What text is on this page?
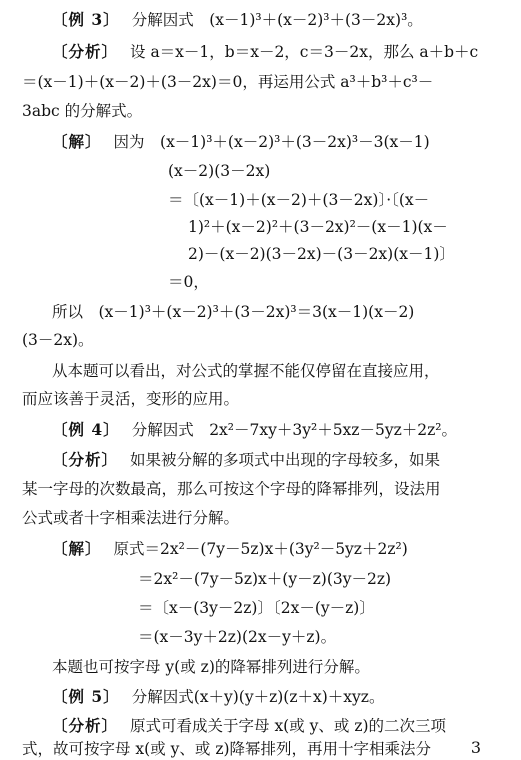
〔例 3〕 分解因式　(x－1)³＋(x－2)³＋(3－2x)³。
〔分析〕 设 a＝x－1，b＝x－2，c＝3－2x，那么 a＋b＋c
＝(x－1)＋(x－2)＋(3－2x)＝0，再运用公式 a³＋b³＋c³－
3abc 的分解式。
〔解〕 因为　(x－1)³＋(x－2)³＋(3－2x)³－3(x－1)
(x－2)(3－2x)
＝〔(x－1)＋(x－2)＋(3－2x)〕·〔(x－
1)²＋(x－2)²＋(3－2x)²－(x－1)(x－
2)－(x－2)(3－2x)－(3－2x)(x－1)〕
＝0，
所以　(x－1)³＋(x－2)³＋(3－2x)³＝3(x－1)(x－2)
(3－2x)。
从本题可以看出，对公式的掌握不能仅停留在直接应用，
而应该善于灵活，变形的应用。
〔例 4〕 分解因式　2x²－7xy＋3y²＋5xz－5yz＋2z²。
〔分析〕 如果被分解的多项式中出现的字母较多，如果
某一字母的次数最高，那么可按这个字母的降幂排列，设法用
公式或者十字相乘法进行分解。
〔解〕 原式＝2x²－(7y－5z)x＋(3y²－5yz＋2z²)
＝2x²－(7y－5z)x＋(y－z)(3y－2z)
＝〔x－(3y－2z)〕〔2x－(y－z)〕
＝(x－3y＋2z)(2x－y＋z)。
本题也可按字母 y(或 z)的降幂排列进行分解。
〔例 5〕 分解因式(x＋y)(y＋z)(z＋x)＋xyz。
〔分析〕 原式可看成关于字母 x(或 y、或 z)的二次三项
式，故可按字母 x(或 y、或 z)降幂排列，再用十字相乘法分	3
